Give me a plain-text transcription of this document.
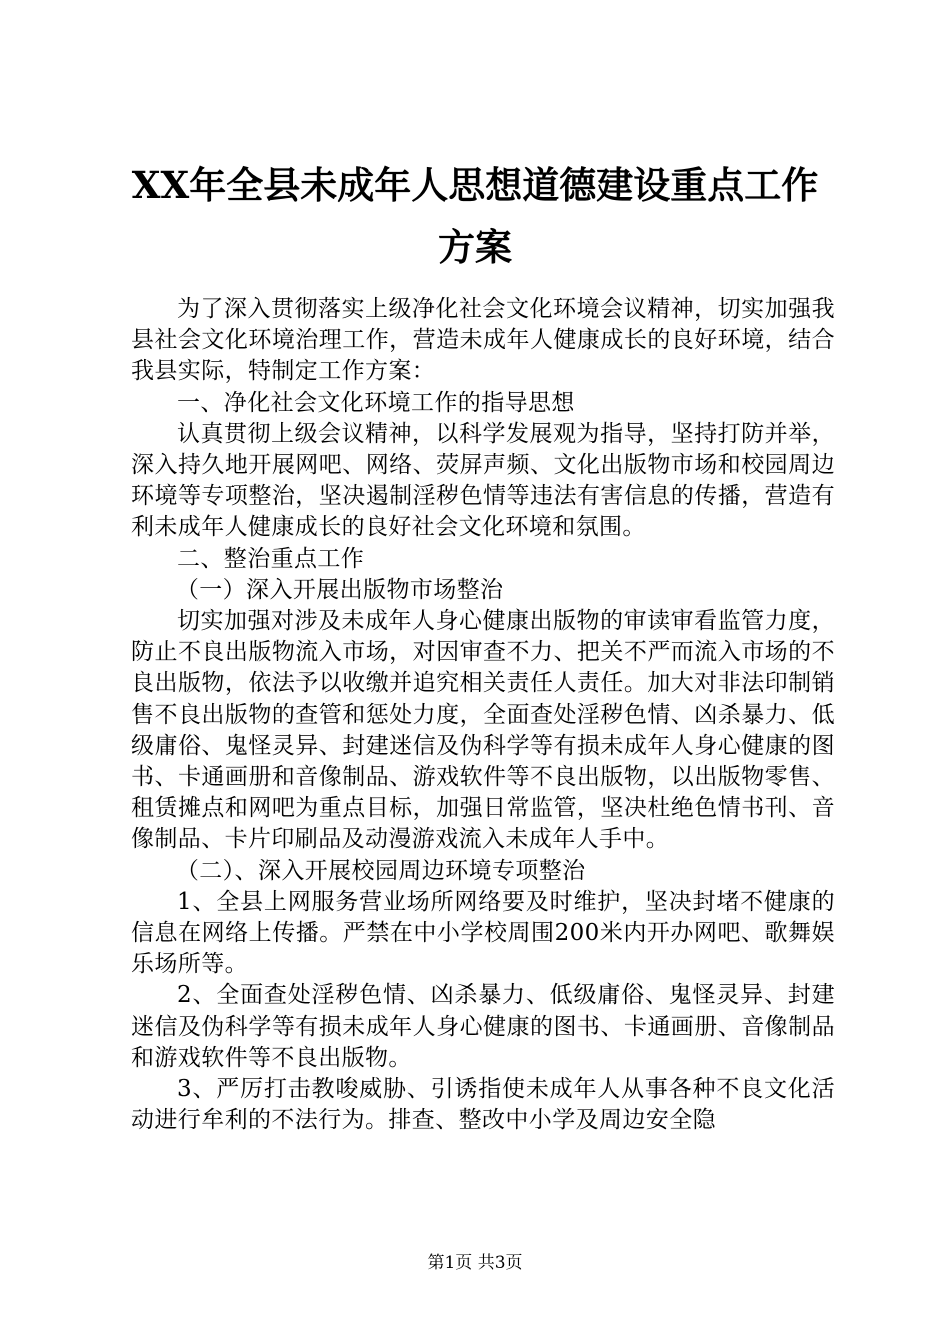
XX年全县未成年人思想道德建设重点工作方案

为了深入贯彻落实上级净化社会文化环境会议精神，切实加强我县社会文化环境治理工作，营造未成年人健康成长的良好环境，结合我县实际，特制定工作方案：

一、净化社会文化环境工作的指导思想

认真贯彻上级会议精神，以科学发展观为指导，坚持打防并举，深入持久地开展网吧、网络、荧屏声频、文化出版物市场和校园周边环境等专项整治，坚决遏制淫秽色情等违法有害信息的传播，营造有利未成年人健康成长的良好社会文化环境和氛围。

二、整治重点工作

（一）深入开展出版物市场整治

切实加强对涉及未成年人身心健康出版物的审读审看监管力度，防止不良出版物流入市场，对因审查不力、把关不严而流入市场的不良出版物，依法予以收缴并追究相关责任人责任。加大对非法印制销售不良出版物的查管和惩处力度，全面查处淫秽色情、凶杀暴力、低级庸俗、鬼怪灵异、封建迷信及伪科学等有损未成年人身心健康的图书、卡通画册和音像制品、游戏软件等不良出版物，以出版物零售、租赁摊点和网吧为重点目标，加强日常监管，坚决杜绝色情书刊、音像制品、卡片印刷品及动漫游戏流入未成年人手中。

（二）、深入开展校园周边环境专项整治

1、全县上网服务营业场所网络要及时维护，坚决封堵不健康的信息在网络上传播。严禁在中小学校周围200米内开办网吧、歌舞娱乐场所等。

2、全面查处淫秽色情、凶杀暴力、低级庸俗、鬼怪灵异、封建迷信及伪科学等有损未成年人身心健康的图书、卡通画册、音像制品和游戏软件等不良出版物。

3、严厉打击教唆威胁、引诱指使未成年人从事各种不良文化活动进行牟利的不法行为。排查、整改中小学及周边安全隐

第1页 共3页
